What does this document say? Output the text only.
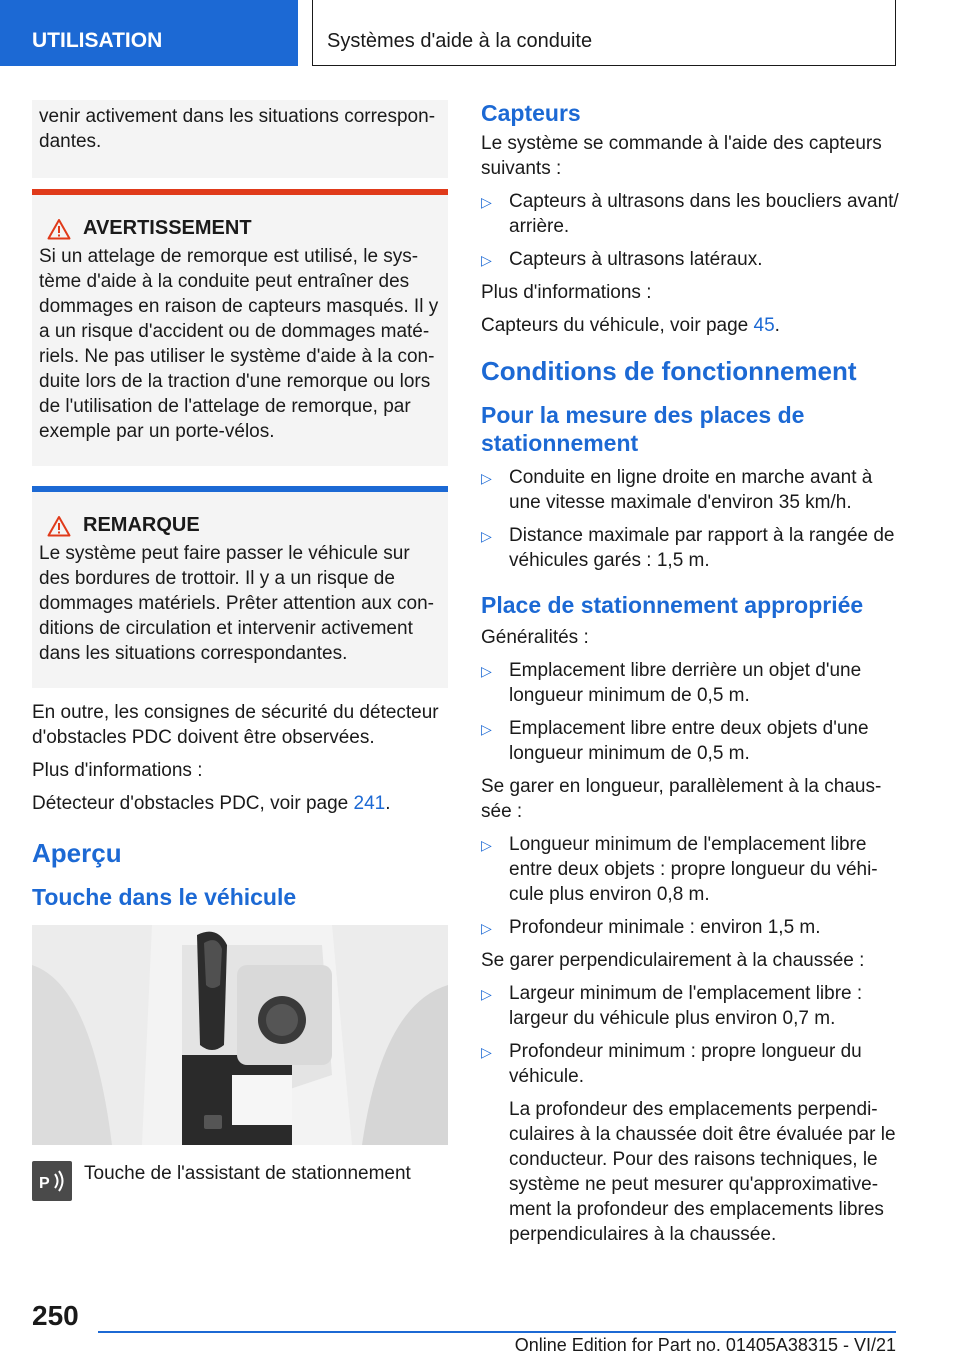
UTILISATION	Systèmes d'aide à la conduite

venir activement dans les situations correspon-dantes.

AVERTISSEMENT

Si un attelage de remorque est utilisé, le sys-tème d'aide à la conduite peut entraîner des dommages en raison de capteurs masqués. Il y a un risque d'accident ou de dommages maté-riels. Ne pas utiliser le système d'aide à la con-duite lors de la traction d'une remorque ou lors de l'utilisation de l'attelage de remorque, par exemple par un porte-vélos.

REMARQUE

Le système peut faire passer le véhicule sur des bordures de trottoir. Il y a un risque de dommages matériels. Prêter attention aux con-ditions de circulation et intervenir activement dans les situations correspondantes.

En outre, les consignes de sécurité du détecteur d'obstacles PDC doivent être observées.

Plus d'informations :

Détecteur d'obstacles PDC, voir page 241.

Aperçu
Touche dans le véhicule
P Touche de l'assistant de stationnement

Capteurs

Le système se commande à l'aide des capteurs suivants :

▷ Capteurs à ultrasons dans les boucliers avant/ arrière.
▷ Capteurs à ultrasons latéraux.

Plus d'informations :

Capteurs du véhicule, voir page 45.

Conditions de fonctionnement
Pour la mesure des places de stationnement
▷ Conduite en ligne droite en marche avant à une vitesse maximale d'environ 35 km/h.
▷ Distance maximale par rapport à la rangée de véhicules garés : 1,5 m.
Place de stationnement appropriée

Généralités :

▷ Emplacement libre derrière un objet d'une longueur minimum de 0,5 m.
▷ Emplacement libre entre deux objets d'une longueur minimum de 0,5 m.

Se garer en longueur, parallèlement à la chaus-sée :

▷ Longueur minimum de l'emplacement libre entre deux objets : propre longueur du véhi-cule plus environ 0,8 m.
▷ Profondeur minimale : environ 1,5 m.

Se garer perpendiculairement à la chaussée :

▷ Largeur minimum de l'emplacement libre : largeur du véhicule plus environ 0,7 m.
▷ Profondeur minimum : propre longueur du véhicule.

La profondeur des emplacements perpendi-culaires à la chaussée doit être évaluée par le conducteur. Pour des raisons techniques, le système ne peut mesurer qu'approximative-ment la profondeur des emplacements libres perpendiculaires à la chaussée.

250
Online Edition for Part no. 01405A38315 - VI/21
